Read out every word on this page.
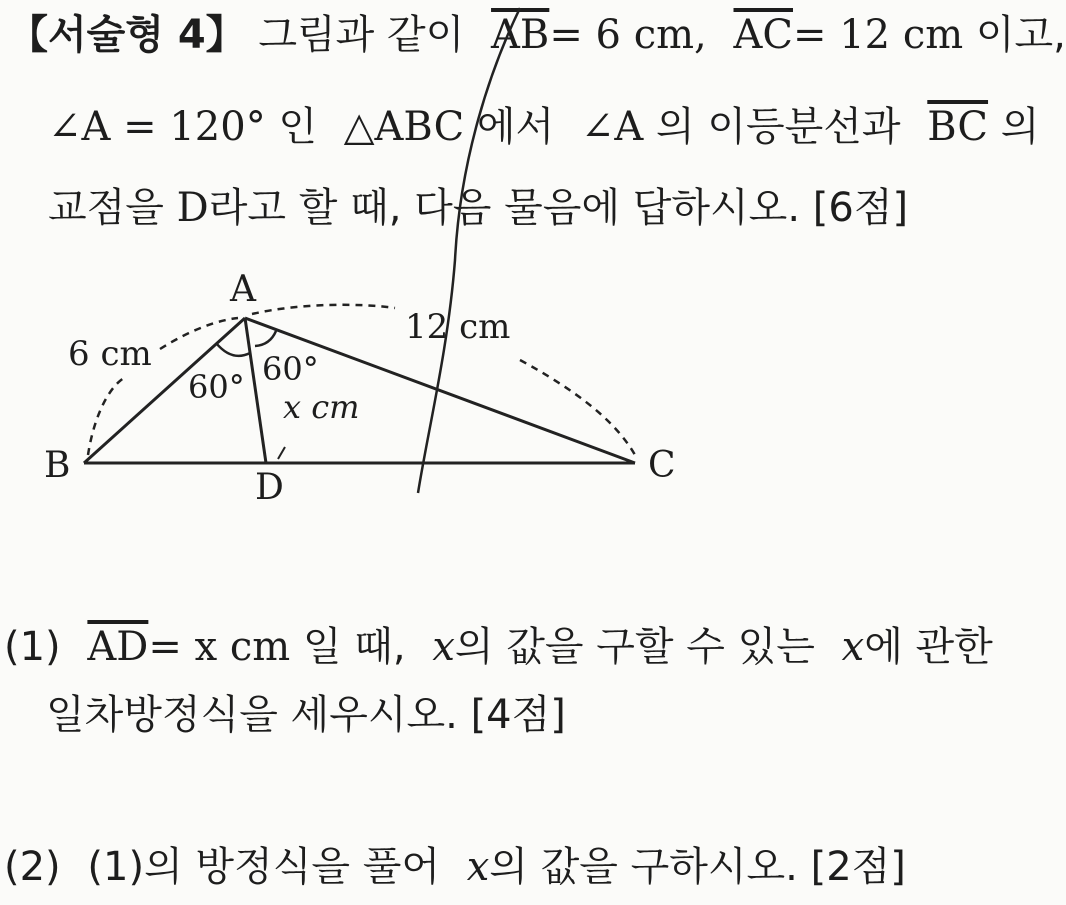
【서술형 4】 그림과 같이 $\overline{AB}= 6$ cm, $\overline{AC}= 12$ cm 이고,
∠A = 120° 인 △ABC 에서 ∠A 의 이등분선과 $\overline{BC}$ 의
교점을 D라고 할 때, 다음 물음에 답하시오. [6점]
A
B	C
D
6 cm
12 cm
60° 60°
x cm
(1) $\overline{AD}= x$ cm 일 때, x의 값을 구할 수 있는 x에 관한
일차방정식을 세우시오. [4점]
(2) (1)의 방정식을 풀어 x의 값을 구하시오. [2점]
